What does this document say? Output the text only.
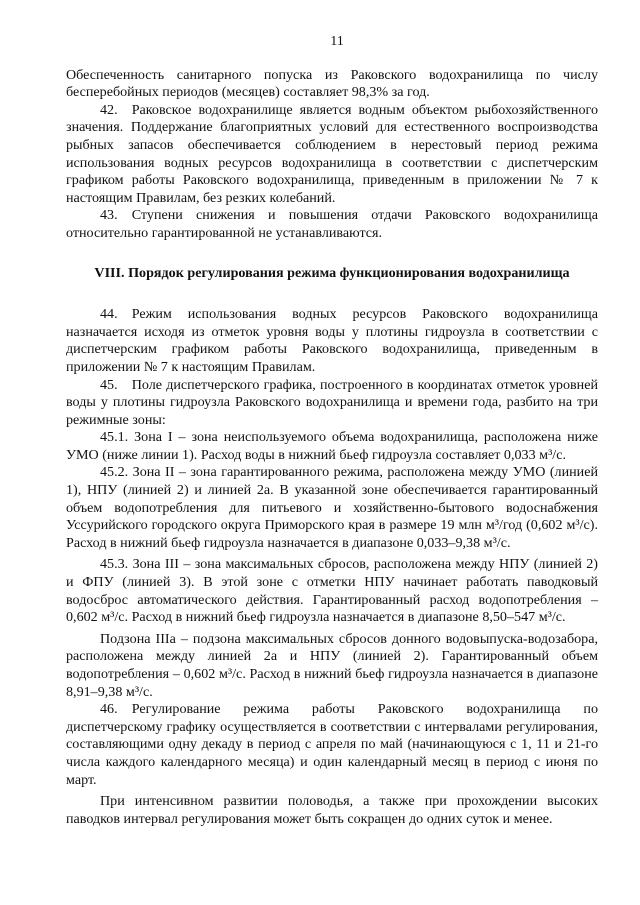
11

Обеспеченность санитарного попуска из Раковского водохранилища по числу бесперебойных периодов (месяцев) составляет 98,3% за год.

42. Раковское водохранилище является водным объектом рыбохозяйственного значения. Поддержание благоприятных условий для естественного воспроизводства рыбных запасов обеспечивается соблюдением в нерестовый период режима использования водных ресурсов водохранилища в соответствии с диспетчерским графиком работы Раковского водохранилища, приведенным в приложении № 7 к настоящим Правилам, без резких колебаний.

43. Ступени снижения и повышения отдачи Раковского водохранилища относительно гарантированной не устанавливаются.

VIII. Порядок регулирования режима функционирования водохранилища

44. Режим использования водных ресурсов Раковского водохранилища назначается исходя из отметок уровня воды у плотины гидроузла в соответствии с диспетчерским графиком работы Раковского водохранилища, приведенным в приложении № 7 к настоящим Правилам.

45. Поле диспетчерского графика, построенного в координатах отметок уровней воды у плотины гидроузла Раковского водохранилища и времени года, разбито на три режимные зоны:

45.1. Зона I – зона неиспользуемого объема водохранилища, расположена ниже УМО (ниже линии 1). Расход воды в нижний бьеф гидроузла составляет 0,033 м³/с.

45.2. Зона II – зона гарантированного режима, расположена между УМО (линией 1), НПУ (линией 2) и линией 2а. В указанной зоне обеспечивается гарантированный объем водопотребления для питьевого и хозяйственно-бытового водоснабжения Уссурийского городского округа Приморского края в размере 19 млн м³/год (0,602 м³/с). Расход в нижний бьеф гидроузла назначается в диапазоне 0,033–9,38 м³/с.

45.3. Зона III – зона максимальных сбросов, расположена между НПУ (линией 2) и ФПУ (линией 3). В этой зоне с отметки НПУ начинает работать паводковый водосброс автоматического действия. Гарантированный расход водопотребления – 0,602 м³/с. Расход в нижний бьеф гидроузла назначается в диапазоне 8,50–547 м³/с.

Подзона IIIа – подзона максимальных сбросов донного водовыпуска-водозабора, расположена между линией 2а и НПУ (линией 2). Гарантированный объем водопотребления – 0,602 м³/с. Расход в нижний бьеф гидроузла назначается в диапазоне 8,91–9,38 м³/с.

46. Регулирование режима работы Раковского водохранилища по диспетчерскому графику осуществляется в соответствии с интервалами регулирования, составляющими одну декаду в период с апреля по май (начинающуюся с 1, 11 и 21-го числа каждого календарного месяца) и один календарный месяц в период с июня по март.

При интенсивном развитии половодья, а также при прохождении высоких паводков интервал регулирования может быть сокращен до одних суток и менее.
